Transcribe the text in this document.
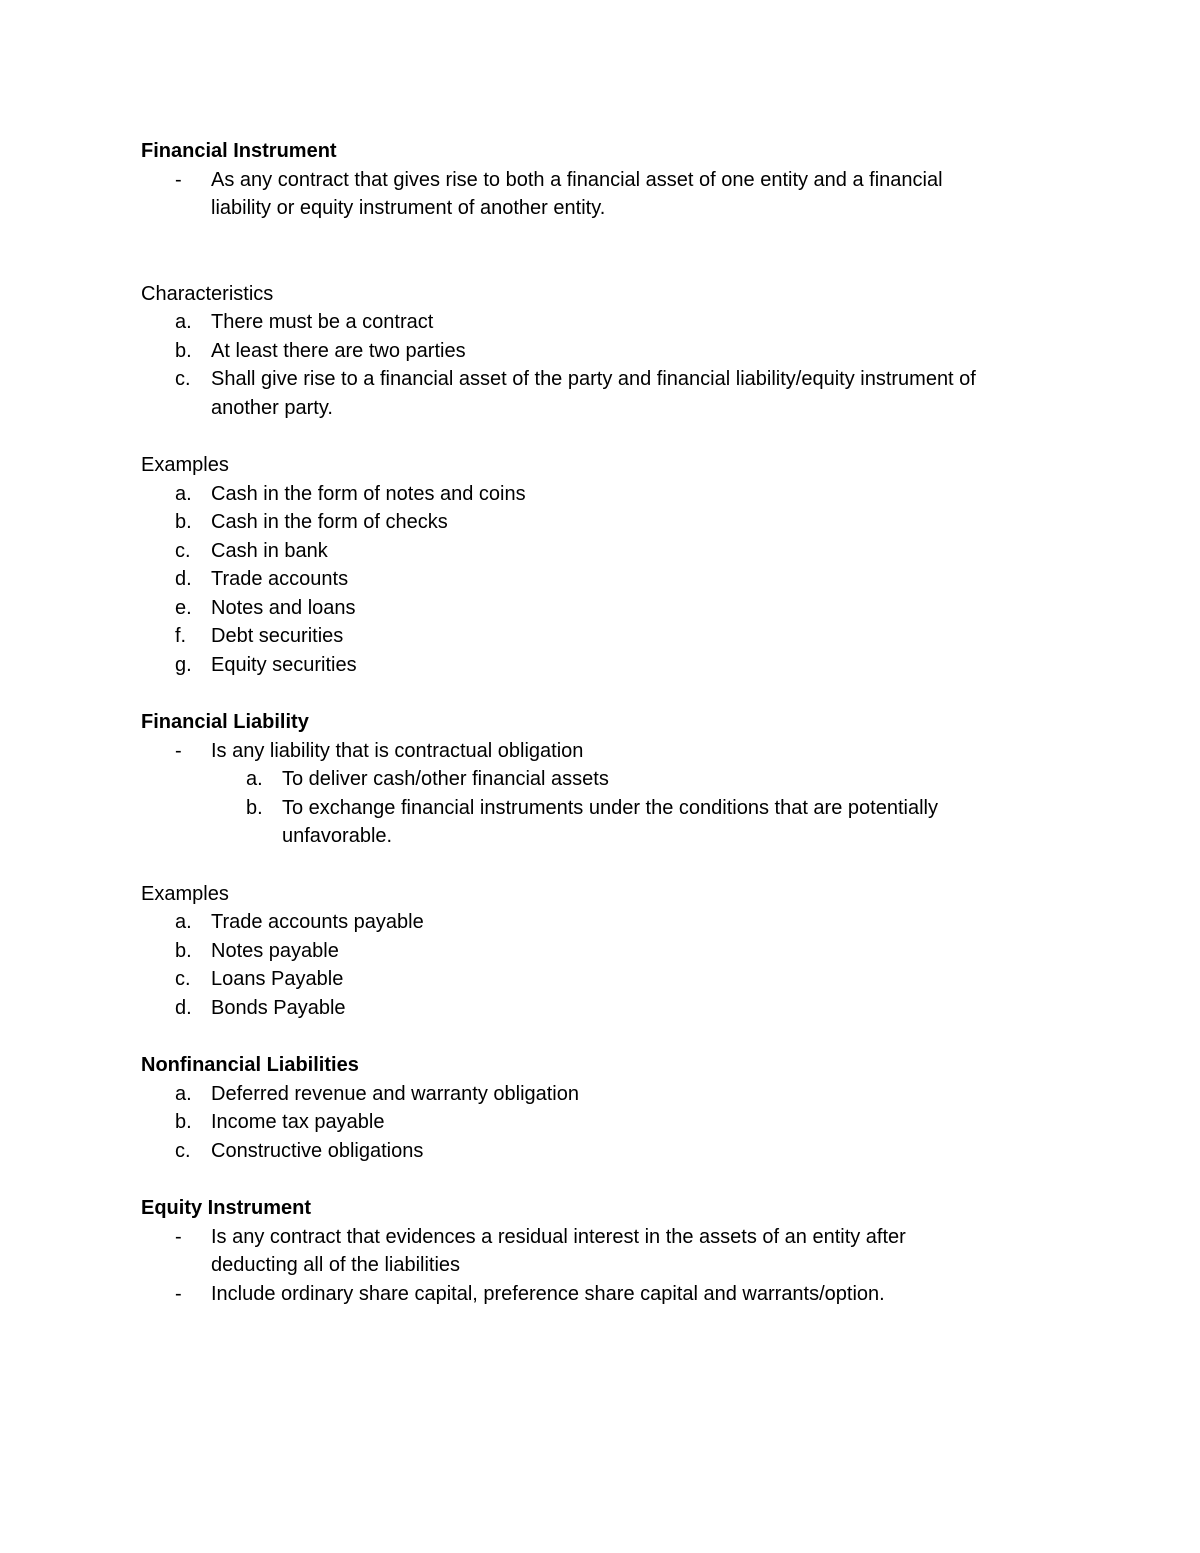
Financial Instrument
- As any contract that gives rise to both a financial asset of one entity and a financial
liability or equity instrument of another entity.
Characteristics
a. There must be a contract
b. At least there are two parties
c. Shall give rise to a financial asset of the party and financial liability/equity instrument of
another party.
Examples
a. Cash in the form of notes and coins
b. Cash in the form of checks
c. Cash in bank
d. Trade accounts
e. Notes and loans
f. Debt securities
g. Equity securities
Financial Liability
- Is any liability that is contractual obligation
a. To deliver cash/other financial assets
b. To exchange financial instruments under the conditions that are potentially
unfavorable.
Examples
a. Trade accounts payable
b. Notes payable
c. Loans Payable
d. Bonds Payable
Nonfinancial Liabilities
a. Deferred revenue and warranty obligation
b. Income tax payable
c. Constructive obligations
Equity Instrument
- Is any contract that evidences a residual interest in the assets of an entity after
deducting all of the liabilities
- Include ordinary share capital, preference share capital and warrants/option.
